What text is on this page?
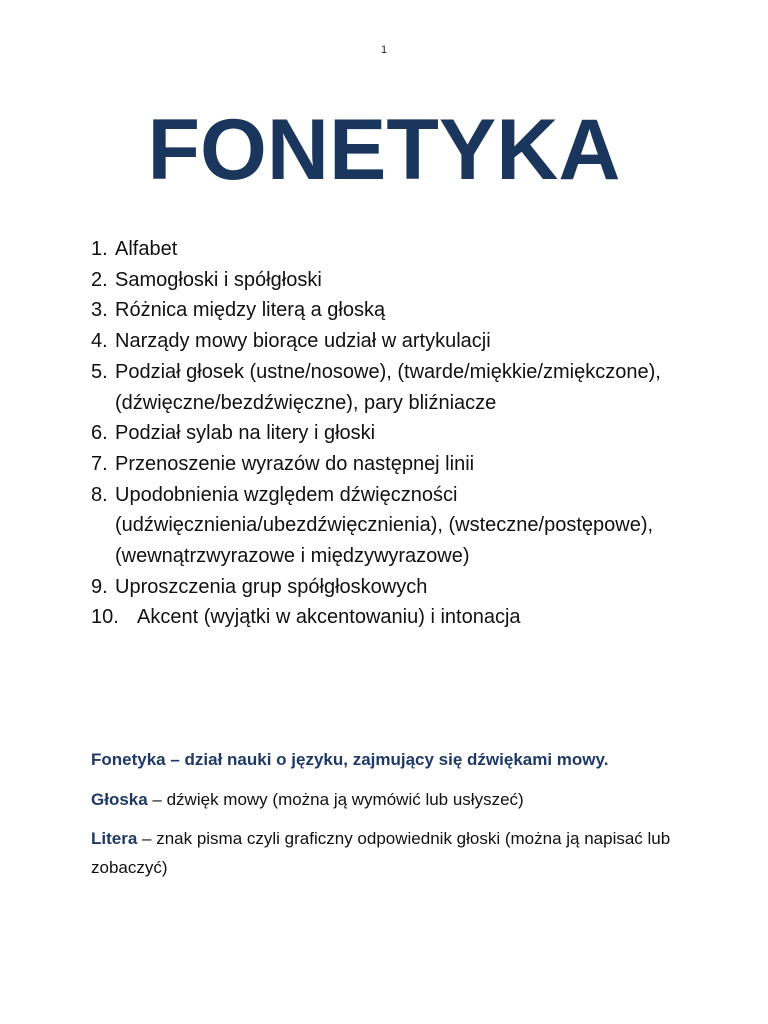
1
FONETYKA
1. Alfabet
2. Samogłoski i spółgłoski
3. Różnica między literą a głoską
4. Narządy mowy biorące udział w artykulacji
5. Podział głosek (ustne/nosowe), (twarde/miękkie/zmiękczone), (dźwięczne/bezdźwięczne), pary bliźniacze
6. Podział sylab na litery i głoski
7. Przenoszenie wyrazów do następnej linii
8. Upodobnienia względem dźwięczności (udźwięcznienia/ubezdźwięcznienia), (wsteczne/postępowe), (wewnątrzwyrazowe i międzywyrazowe)
9. Uproszczenia grup spółgłoskowych
10. Akcent (wyjątki w akcentowaniu) i intonacja
Fonetyka – dział nauki o języku, zajmujący się dźwiękami mowy.
Głoska – dźwięk mowy (można ją wymówić lub usłyszeć)
Litera – znak pisma czyli graficzny odpowiednik głoski (można ją napisać lub zobaczyć)
